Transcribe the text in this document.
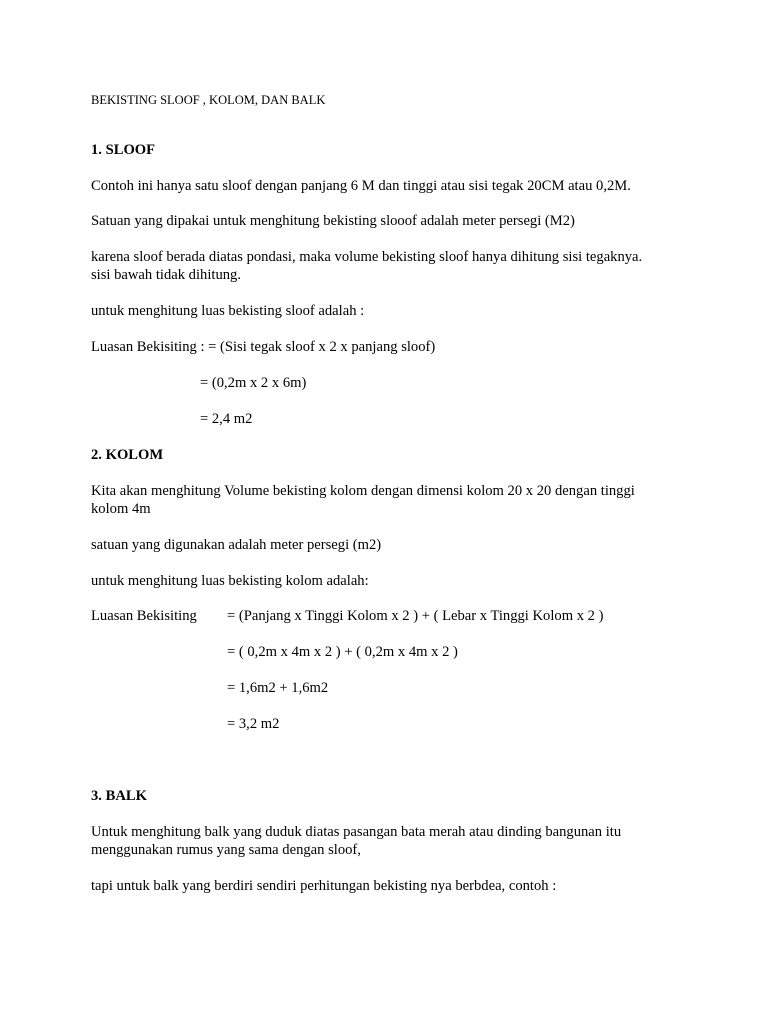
BEKISTING SLOOF , KOLOM, DAN BALK
1. SLOOF
Contoh ini hanya satu sloof dengan panjang 6 M dan tinggi atau sisi tegak 20CM atau 0,2M.
Satuan yang dipakai untuk menghitung bekisting slooof adalah meter persegi (M2)
karena sloof berada diatas pondasi, maka volume bekisting sloof hanya dihitung sisi tegaknya.
sisi bawah tidak dihitung.
untuk menghitung luas bekisting sloof adalah :
Luasan Bekisiting : = (Sisi tegak sloof x 2 x panjang sloof)
= (0,2m x 2 x 6m)
= 2,4 m2
2. KOLOM
Kita akan menghitung Volume bekisting kolom dengan dimensi kolom 20 x 20 dengan tinggi
kolom 4m
satuan yang digunakan adalah meter persegi (m2)
untuk menghitung luas bekisting kolom adalah:
Luasan Bekisiting = (Panjang x Tinggi Kolom x 2 ) + ( Lebar x Tinggi Kolom x 2 )
= ( 0,2m x 4m x 2 ) + ( 0,2m x 4m x 2 )
= 1,6m2 + 1,6m2
= 3,2 m2
3. BALK
Untuk menghitung balk yang duduk diatas pasangan bata merah atau dinding bangunan itu
menggunakan rumus yang sama dengan sloof,
tapi untuk balk yang berdiri sendiri perhitungan bekisting nya berbdea, contoh :
